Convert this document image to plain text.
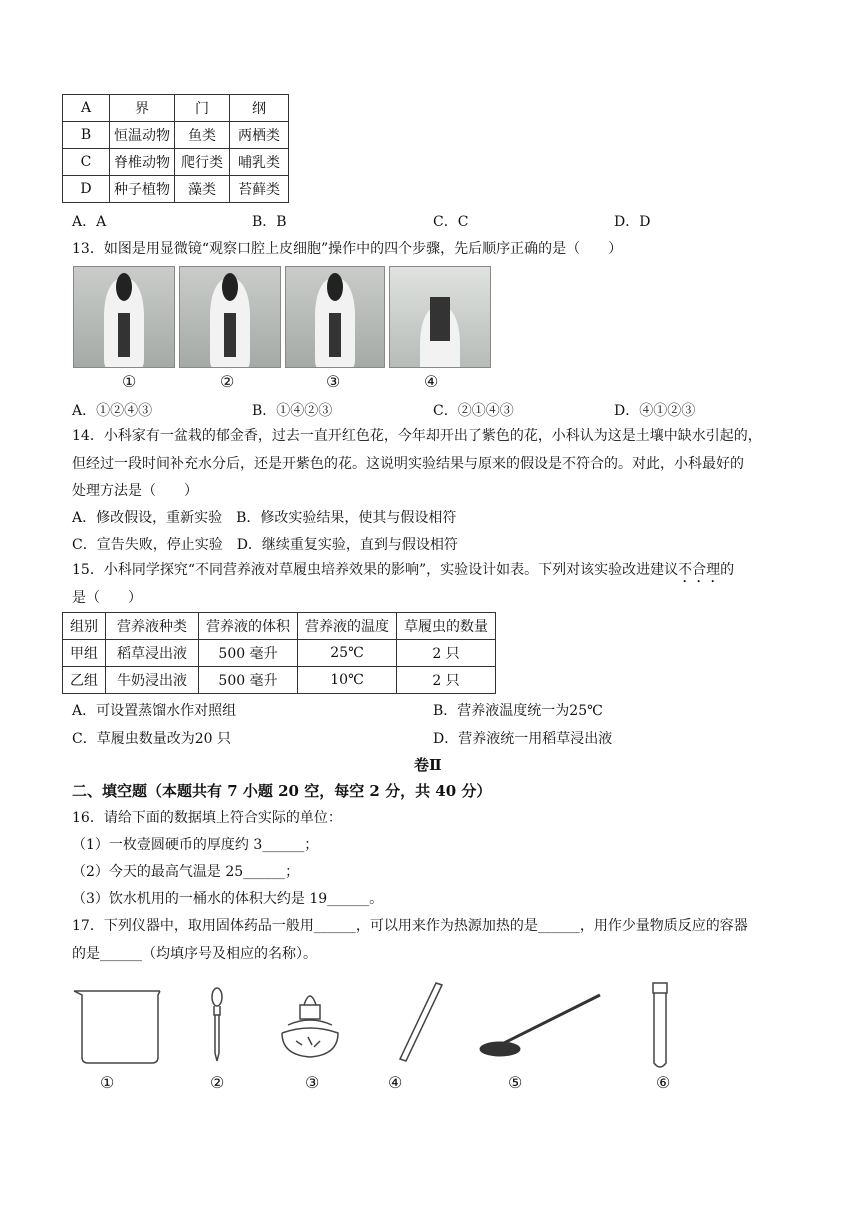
A	界	门	纲
B	恒温动物	鱼类	两栖类
C	脊椎动物	爬行类	哺乳类
D	种子植物	藻类	苔藓类
A．A	B．B	C．C	D．D
13．如图是用显微镜“观察口腔上皮细胞”操作中的四个步骤，先后顺序正确的是（　　）
①	②	③	④
A．①②④③	B．①④②③	C．②①④③	D．④①②③
14．小科家有一盆栽的郁金香，过去一直开红色花，今年却开出了紫色的花，小科认为这是土壤中缺水引起的，
但经过一段时间补充水分后，还是开紫色的花。这说明实验结果与原来的假设是不符合的。对此，小科最好的
处理方法是（　　）
A．修改假设，重新实验　B．修改实验结果，使其与假设相符
C．宣告失败，停止实验　D．继续重复实验，直到与假设相符
15．小科同学探究“不同营养液对草履虫培养效果的影响”，实验设计如表。下列对该实验改进建议不合理的
是（　　）
组别	营养液种类	营养液的体积	营养液的温度	草履虫的数量
甲组	稻草浸出液	500 毫升	25℃	2 只
乙组	牛奶浸出液	500 毫升	10℃	2 只
A．可设置蒸馏水作对照组	B．营养液温度统一为25℃
C．草履虫数量改为20 只	D．营养液统一用稻草浸出液
卷Ⅱ
二、填空题（本题共有 7 小题 20 空，每空 2 分，共 40 分）
16．请给下面的数据填上符合实际的单位：
（1）一枚壹圆硬币的厚度约 3______；
（2）今天的最高气温是 25______；
（3）饮水机用的一桶水的体积大约是 19______。
17．下列仪器中，取用固体药品一般用______，可以用来作为热源加热的是______，用作少量物质反应的容器
的是______（均填序号及相应的名称）。
①	②	③	④	⑤	⑥
